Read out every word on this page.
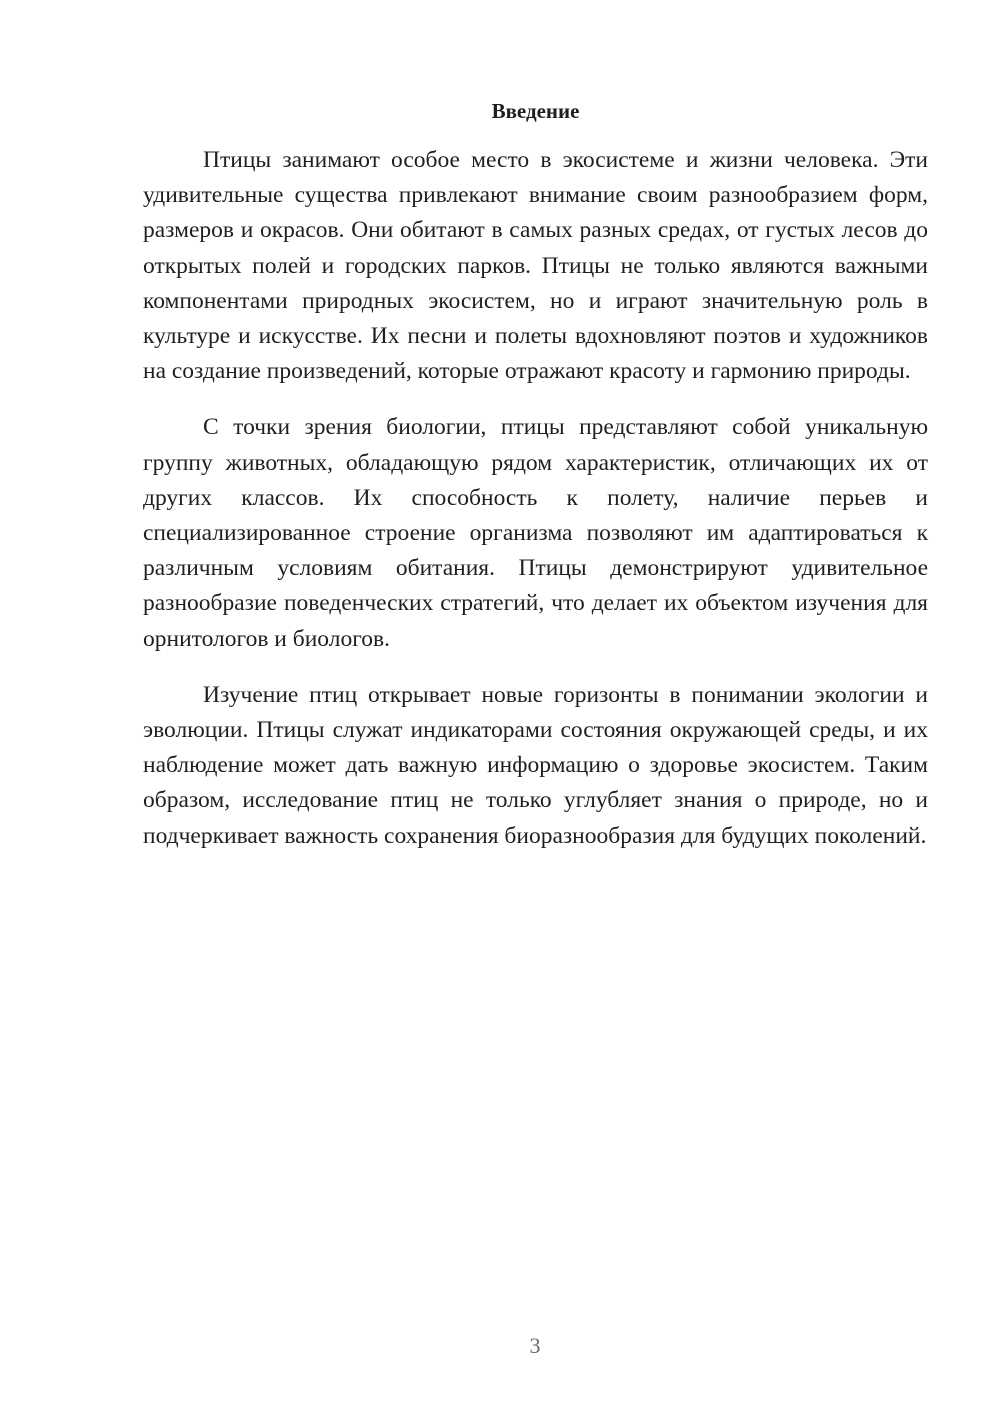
Введение

Птицы занимают особое место в экосистеме и жизни человека. Эти удивительные существа привлекают внимание своим разнообразием форм, размеров и окрасов. Они обитают в самых разных средах, от густых лесов до открытых полей и городских парков. Птицы не только являются важными компонентами природных экосистем, но и играют значительную роль в культуре и искусстве. Их песни и полеты вдохновляют поэтов и художников на создание произведений, которые отражают красоту и гармонию природы.

С точки зрения биологии, птицы представляют собой уникальную группу животных, обладающую рядом характеристик, отличающих их от других классов. Их способность к полету, наличие перьев и специализированное строение организма позволяют им адаптироваться к различным условиям обитания. Птицы демонстрируют удивительное разнообразие поведенческих стратегий, что делает их объектом изучения для орнитологов и биологов.

Изучение птиц открывает новые горизонты в понимании экологии и эволюции. Птицы служат индикаторами состояния окружающей среды, и их наблюдение может дать важную информацию о здоровье экосистем. Таким образом, исследование птиц не только углубляет знания о природе, но и подчеркивает важность сохранения биоразнообразия для будущих поколений.

3
